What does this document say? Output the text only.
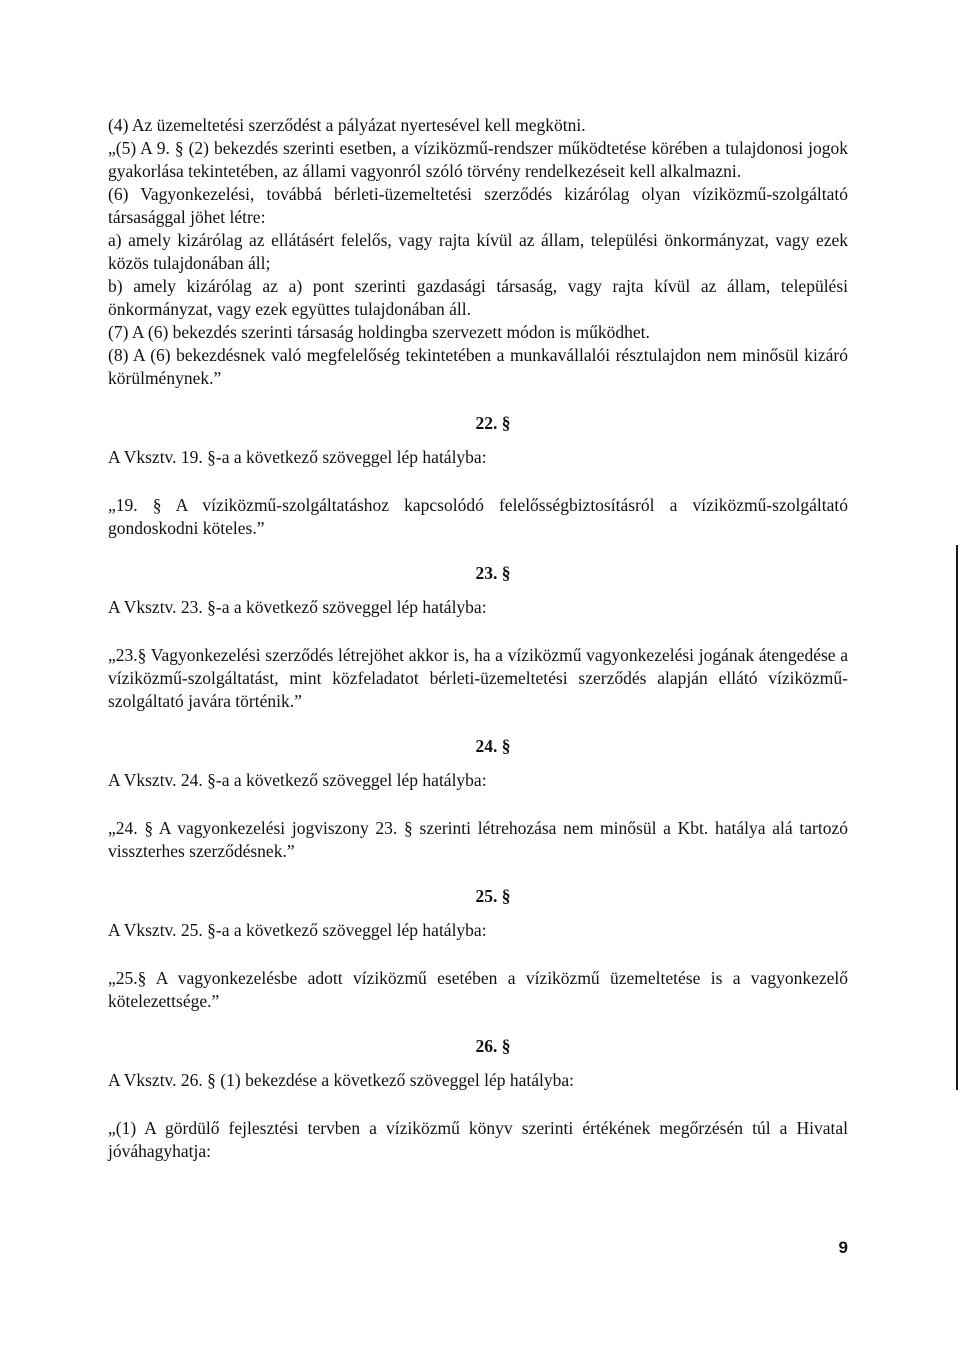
(4) Az üzemeltetési szerződést a pályázat nyertesével kell megkötni.

„(5) A 9. § (2) bekezdés szerinti esetben, a víziközmű-rendszer működtetése körében a tulajdonosi jogok gyakorlása tekintetében, az állami vagyonról szóló törvény rendelkezéseit kell alkalmazni.

(6) Vagyonkezelési, továbbá bérleti-üzemeltetési szerződés kizárólag olyan víziközmű-szolgáltató társasággal jöhet létre:

a) amely kizárólag az ellátásért felelős, vagy rajta kívül az állam, települési önkormányzat, vagy ezek közös tulajdonában áll;

b) amely kizárólag az a) pont szerinti gazdasági társaság, vagy rajta kívül az állam, települési önkormányzat, vagy ezek együttes tulajdonában áll.

(7) A (6) bekezdés szerinti társaság holdingba szervezett módon is működhet.

(8) A (6) bekezdésnek való megfelelőség tekintetében a munkavállalói résztulajdon nem minősül kizáró körülménynek.”

22. §

A Vksztv. 19. §-a a következő szöveggel lép hatályba:

„19. § A víziközmű-szolgáltatáshoz kapcsolódó felelősségbiztosításról a víziközmű-szolgáltató gondoskodni köteles.”

23. §

A Vksztv. 23. §-a a következő szöveggel lép hatályba:

„23.§ Vagyonkezelési szerződés létrejöhet akkor is, ha a víziközmű vagyonkezelési jogának átengedése a víziközmű-szolgáltatást, mint közfeladatot bérleti-üzemeltetési szerződés alapján ellátó víziközmű-szolgáltató javára történik.”

24. §

A Vksztv. 24. §-a a következő szöveggel lép hatályba:

„24. § A vagyonkezelési jogviszony 23. § szerinti létrehozása nem minősül a Kbt. hatálya alá tartozó visszterhes szerződésnek.”

25. §

A Vksztv. 25. §-a a következő szöveggel lép hatályba:

„25.§ A vagyonkezelésbe adott víziközmű esetében a víziközmű üzemeltetése is a vagyonkezelő kötelezettsége.”

26. §

A Vksztv. 26. § (1) bekezdése a következő szöveggel lép hatályba:

„(1) A gördülő fejlesztési tervben a víziközmű könyv szerinti értékének megőrzésén túl a Hivatal jóváhagyhatja:

9
